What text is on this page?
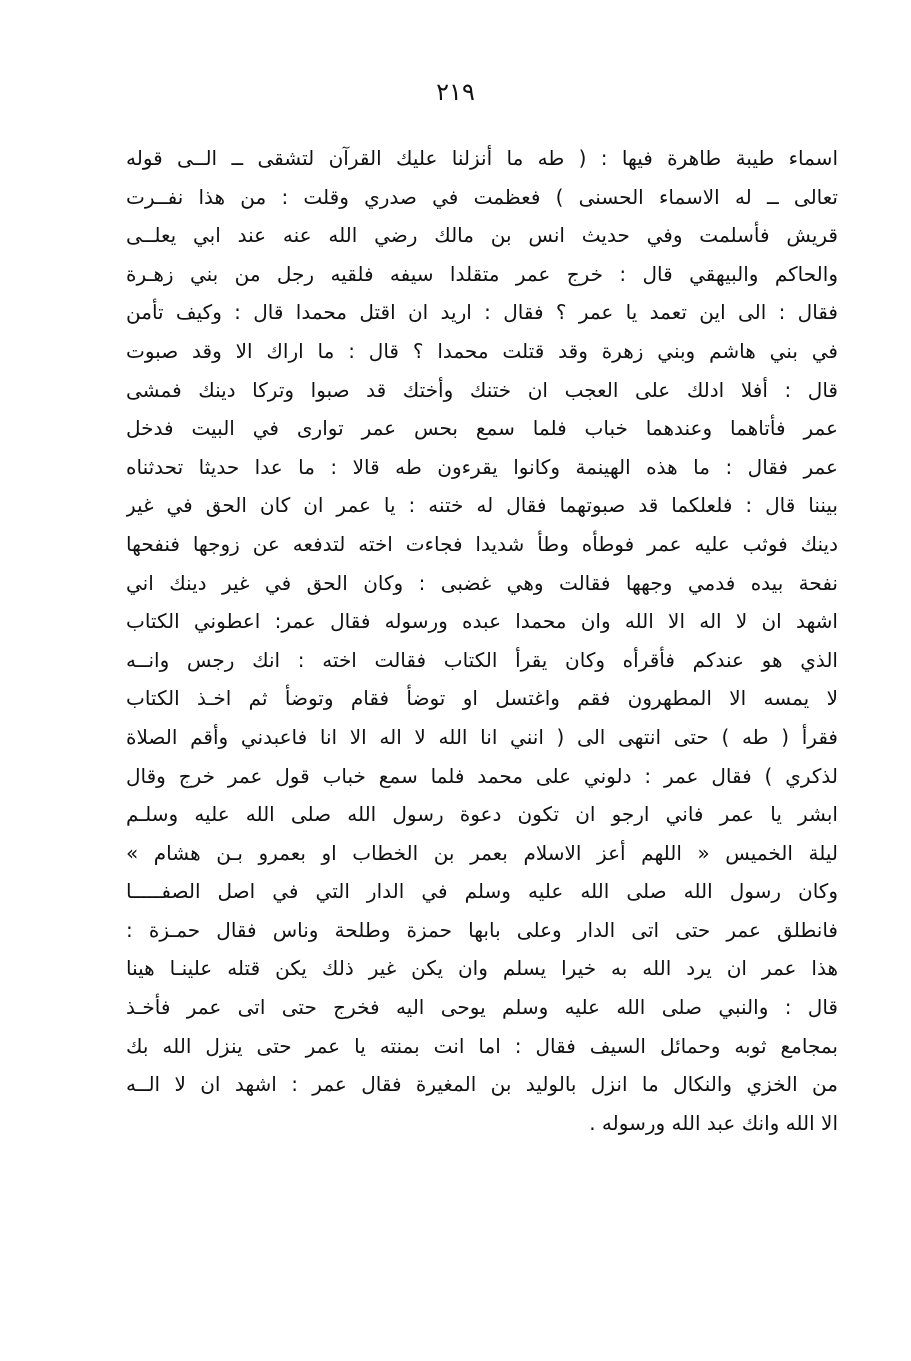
٢١٩
اسماء طيبة طاهرة فيها : ( طه ما أنزلنا عليك القرآن لتشقى ــ الــى قوله
تعالى ــ له الاسماء الحسنى ) فعظمت في صدري وقلت : من هذا نفــرت
قريش فأسلمت وفي حديث انس بن مالك رضي الله عنه عند ابي يعلــى
والحاكم والبيهقي قال : خرج عمر متقلدا سيفه فلقيه رجل من بني زهـرة
فقال : الى اين تعمد يا عمر ؟ فقال : اريد ان اقتل محمدا قال : وكيف تأمن
في بني هاشم وبني زهرة وقد قتلت محمدا ؟ قال : ما اراك الا وقد صبوت
قال : أفلا ادلك على العجب ان ختنك وأختك قد صبوا وتركا دينك فمشى
عمر فأتاهما وعندهما خباب فلما سمع بحس عمر توارى في البيت فدخل
عمر فقال : ما هذه الهينمة وكانوا يقرءون طه قالا : ما عدا حديثا تحدثناه
بيننا قال : فلعلكما قد صبوتهما فقال له ختنه : يا عمر ان كان الحق في غير
دينك فوثب عليه عمر فوطأه وطأ شديدا فجاءت اخته لتدفعه عن زوجها فنفحها
نفحة بيده فدمي وجهها فقالت وهي غضبى : وكان الحق في غير دينك اني
اشهد ان لا اله الا الله وان محمدا عبده ورسوله فقال عمر: اعطوني الكتاب
الذي هو عندكم فأقرأه وكان يقرأ الكتاب فقالت اخته : انك رجس وانــه
لا يمسه الا المطهرون فقم واغتسل او توضأ فقام وتوضأ ثم اخـذ الكتاب
فقرأ ( طه ) حتى انتهى الى ( انني انا الله لا اله الا انا فاعبدني وأقم الصلاة
لذكري ) فقال عمر : دلوني على محمد فلما سمع خباب قول عمر خرج وقال
ابشر يا عمر فاني ارجو ان تكون دعوة رسول الله صلى الله عليه وسلـم
ليلة الخميس « اللهم أعز الاسلام بعمر بن الخطاب او بعمرو بـن هشام »
وكان رسول الله صلى الله عليه وسلم في الدار التي في اصل الصفـــــا
فانطلق عمر حتى اتى الدار وعلى بابها حمزة وطلحة وناس فقال حمـزة :
هذا عمر ان يرد الله به خيرا يسلم وان يكن غير ذلك يكن قتله علينـا هينا
قال : والنبي صلى الله عليه وسلم يوحى اليه فخرج حتى اتى عمر فأخـذ
بمجامع ثوبه وحمائل السيف فقال : اما انت بمنته يا عمر حتى ينزل الله بك
من الخزي والنكال ما انزل بالوليد بن المغيرة فقال عمر : اشهد ان لا الــه
الا الله وانك عبد الله ورسوله .
